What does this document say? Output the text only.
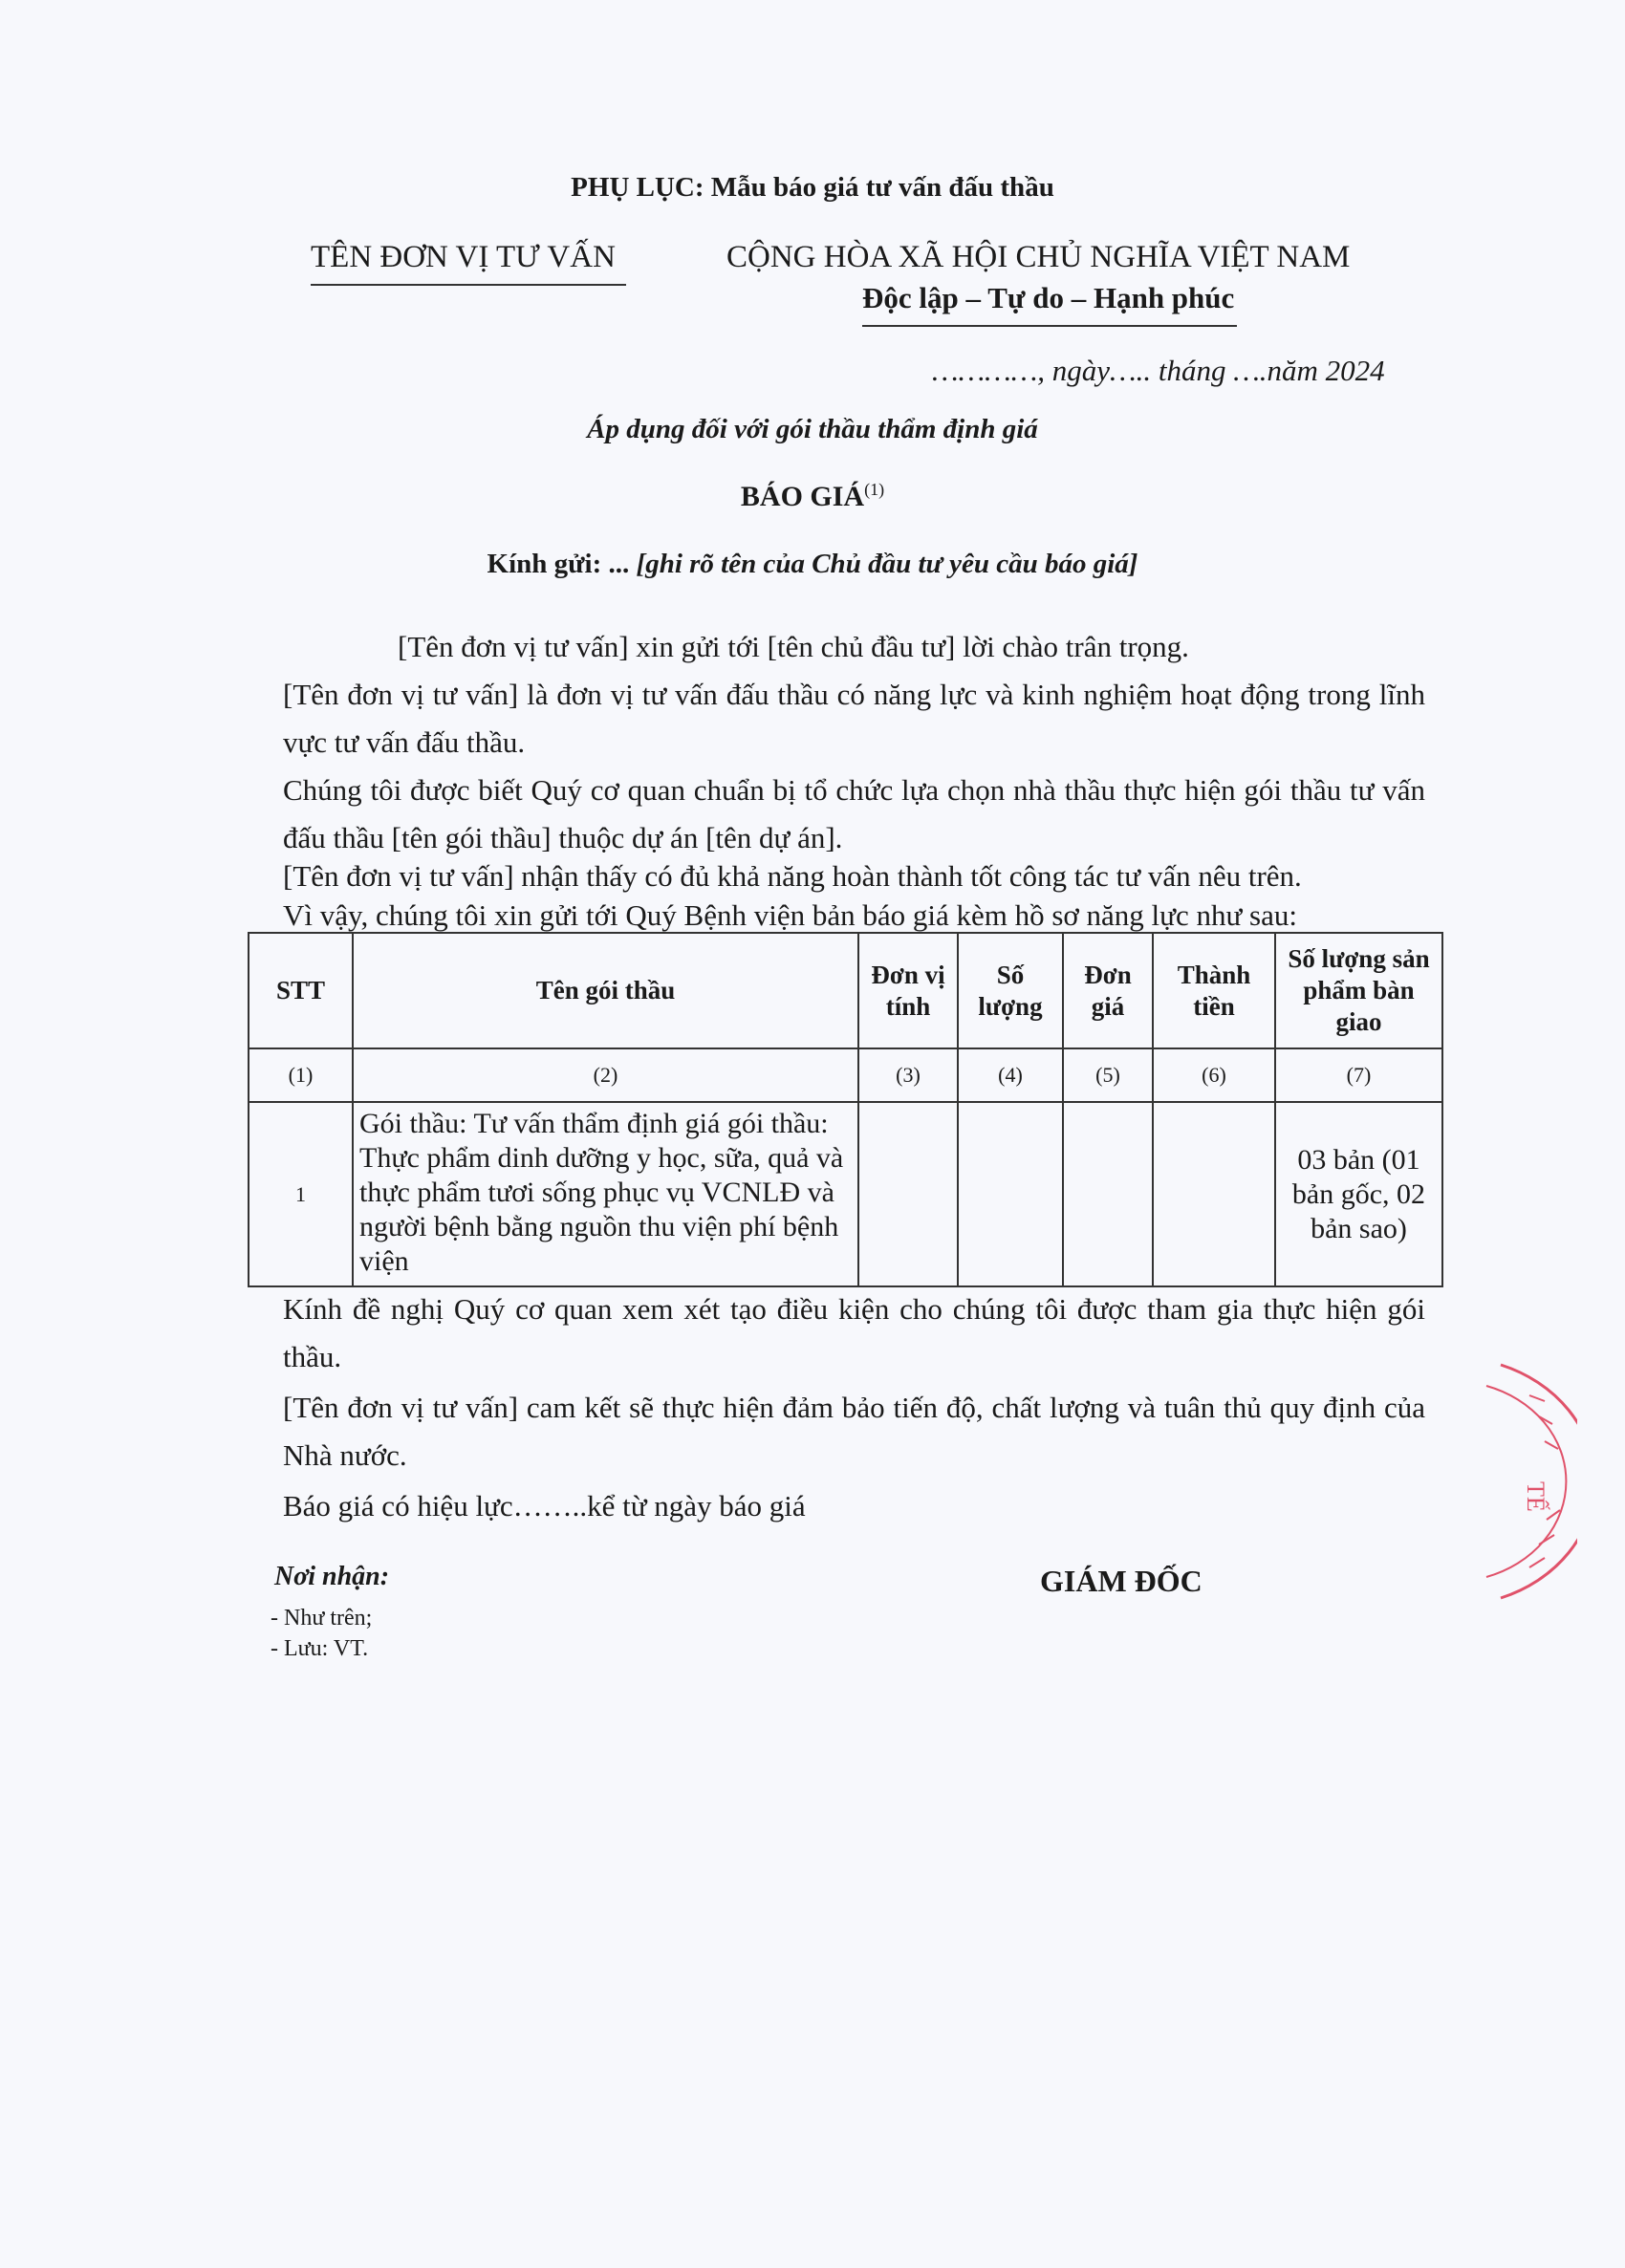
PHỤ LỤC: Mẫu báo giá tư vấn đấu thầu
TÊN ĐƠN VỊ TƯ VẤN	CỘNG HÒA XÃ HỘI CHỦ NGHĨA VIỆT NAM
Độc lập – Tự do – Hạnh phúc
…………, ngày….. tháng ….năm 2024
Áp dụng đối với gói thầu thẩm định giá
BÁO GIÁ$^{(1)}$
Kính gửi: ... [ghi rõ tên của Chủ đầu tư yêu cầu báo giá]
[Tên đơn vị tư vấn] xin gửi tới [tên chủ đầu tư] lời chào trân trọng.
[Tên đơn vị tư vấn] là đơn vị tư vấn đấu thầu có năng lực và kinh nghiệm hoạt động trong lĩnh vực tư vấn đấu thầu.
Chúng tôi được biết Quý cơ quan chuẩn bị tổ chức lựa chọn nhà thầu thực hiện gói thầu tư vấn đấu thầu [tên gói thầu] thuộc dự án [tên dự án].
[Tên đơn vị tư vấn] nhận thấy có đủ khả năng hoàn thành tốt công tác tư vấn nêu trên.
Vì vậy, chúng tôi xin gửi tới Quý Bệnh viện bản báo giá kèm hồ sơ năng lực như sau:
STT	Tên gói thầu	Đơn vị tính	Số lượng	Đơn giá	Thành tiền	Số lượng sản phẩm bàn giao
(1)	(2)	(3)	(4)	(5)	(6)	(7)
1	Gói thầu: Tư vấn thẩm định giá gói thầu: Thực phẩm dinh dưỡng y học, sữa, quả và thực phẩm tươi sống phục vụ VCNLĐ và người bệnh bằng nguồn thu viện phí bệnh viện					03 bản (01 bản gốc, 02 bản sao)
Kính đề nghị Quý cơ quan xem xét tạo điều kiện cho chúng tôi được tham gia thực hiện gói thầu.
[Tên đơn vị tư vấn] cam kết sẽ thực hiện đảm bảo tiến độ, chất lượng và tuân thủ quy định của Nhà nước.
Báo giá có hiệu lực……..kể từ ngày báo giá
Nơi nhận:
- Như trên;
- Lưu: VT.
GIÁM ĐỐC
TẾ
